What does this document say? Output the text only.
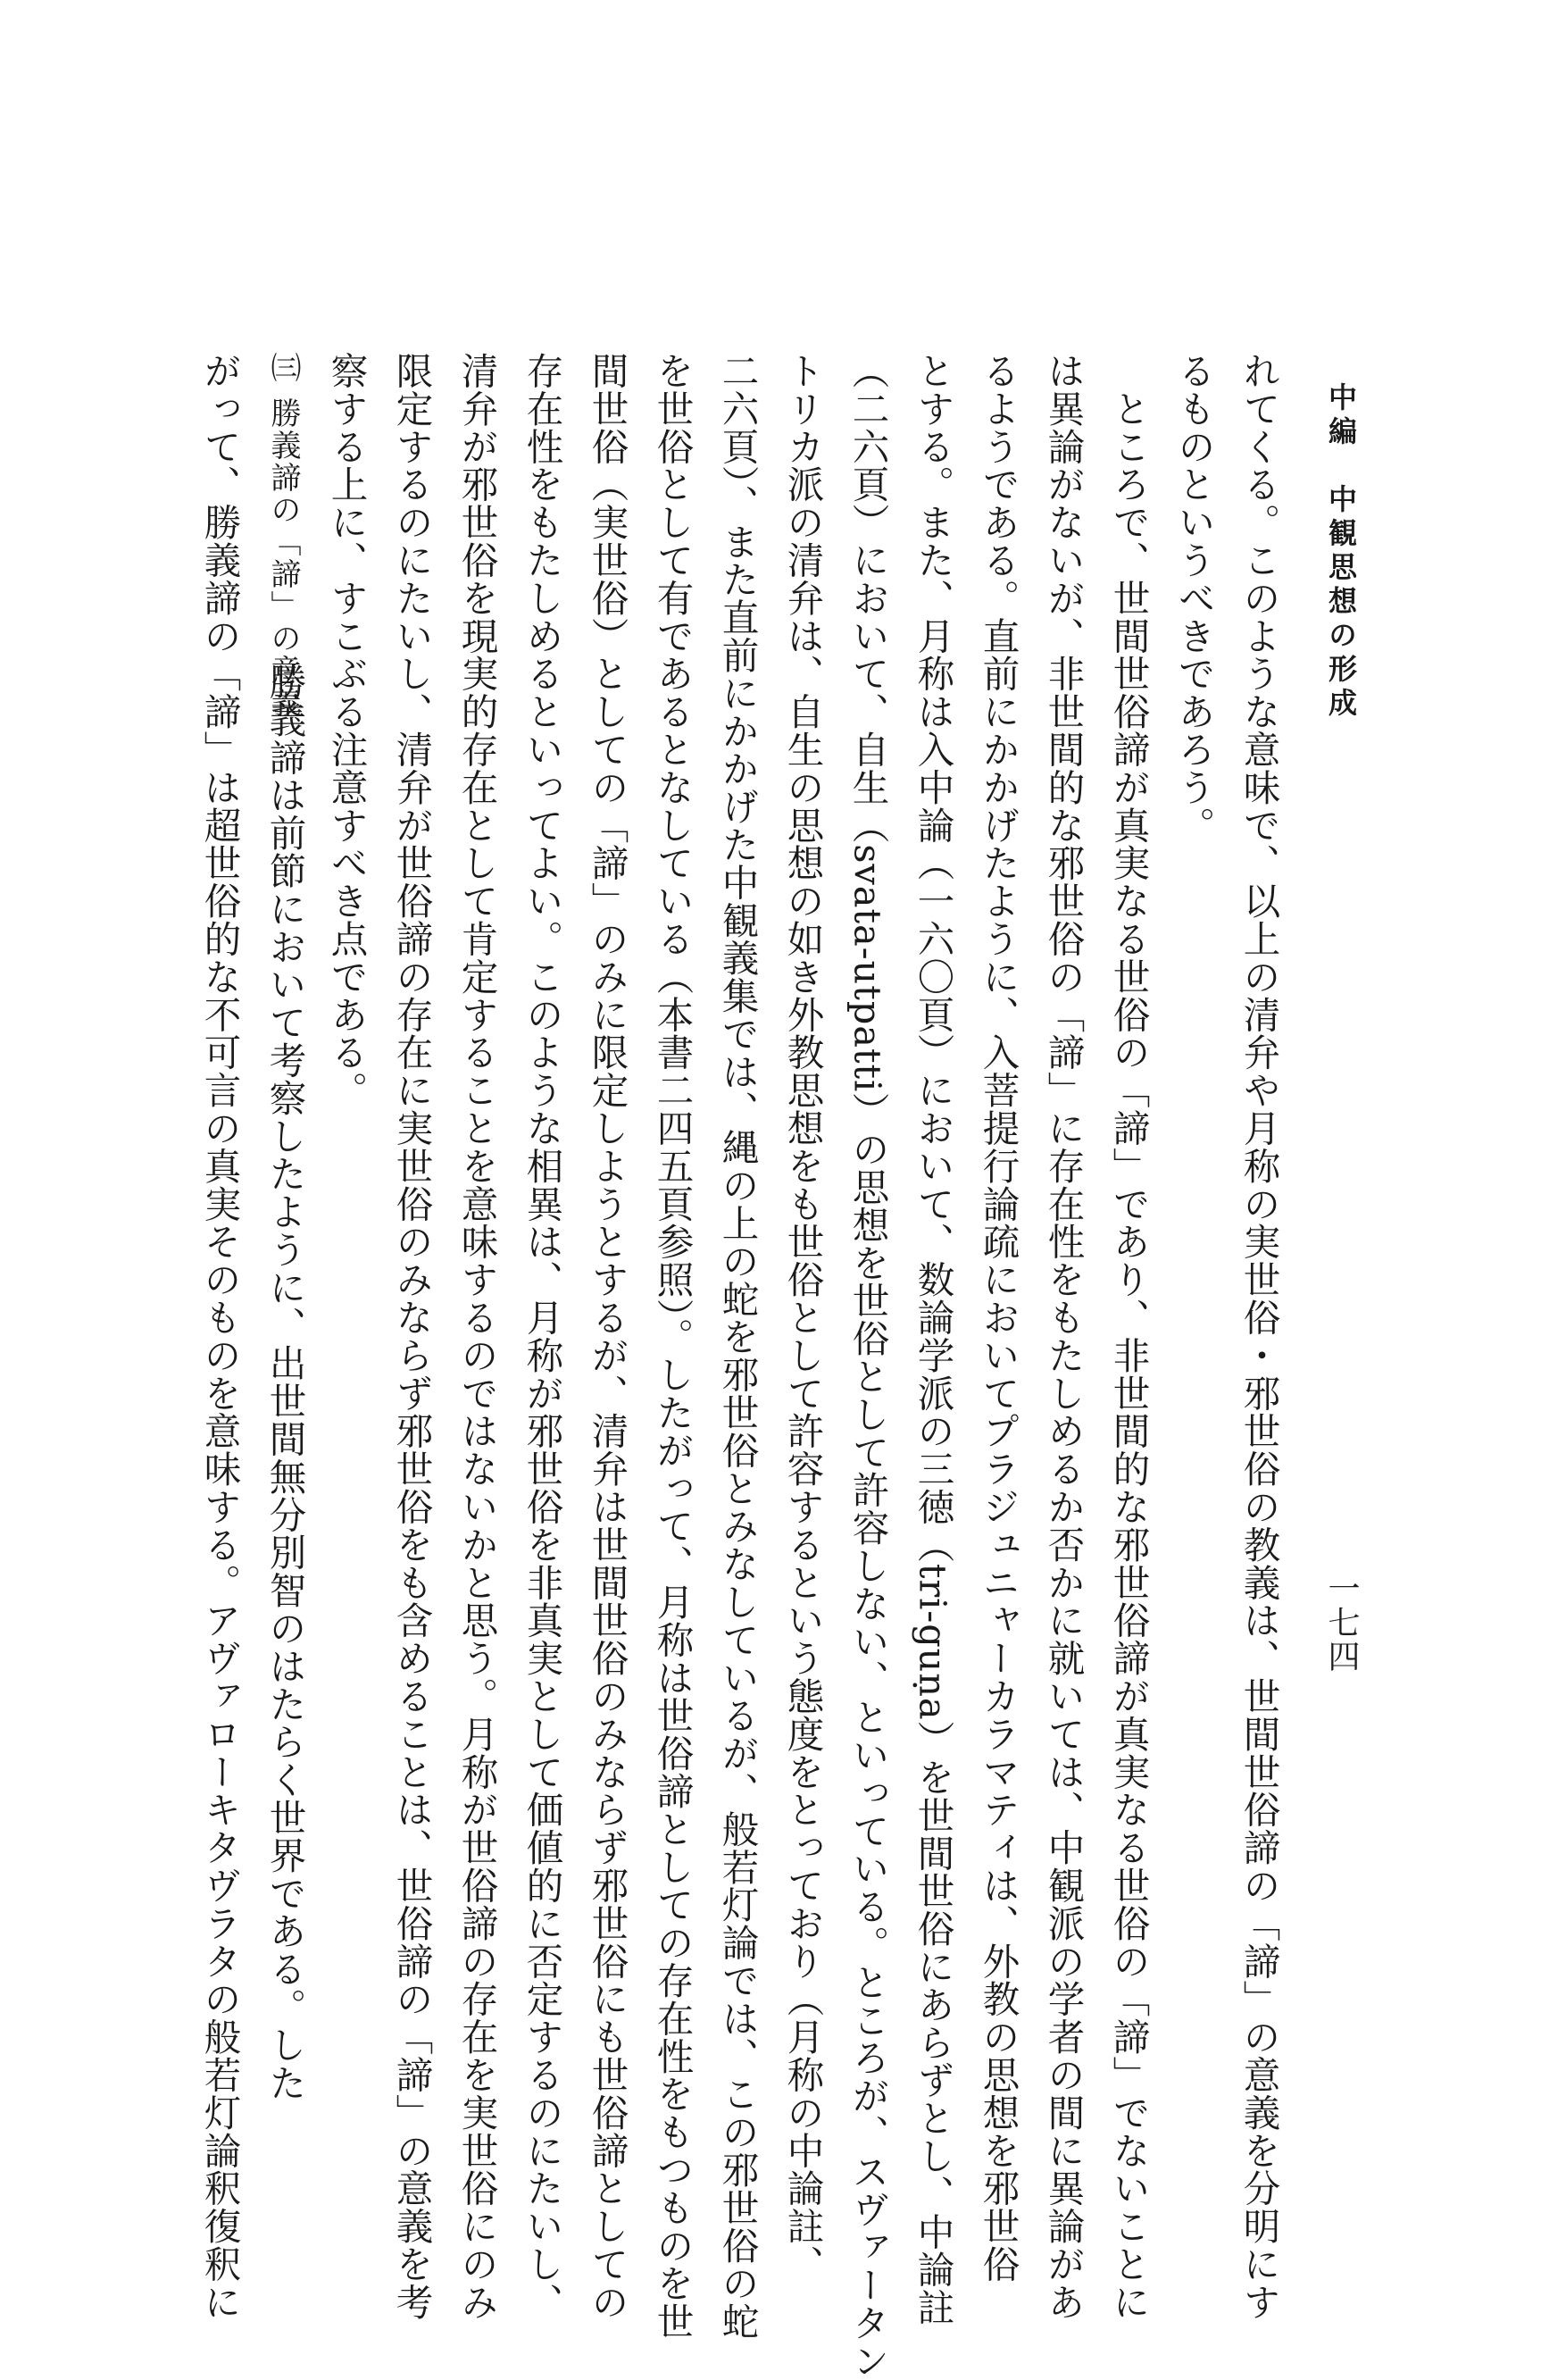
中編　中観思想の形成
一七四
れてくる。このような意味で、以上の清弁や月称の実世俗・邪世俗の教義は、世間世俗諦の「諦」の意義を分明にす
るものというべきであろう。
　ところで、世間世俗諦が真実なる世俗の「諦」であり、非世間的な邪世俗諦が真実なる世俗の「諦」でないことに
は異論がないが、非世間的な邪世俗の「諦」に存在性をもたしめるか否かに就いては、中観派の学者の間に異論があ
るようである。直前にかかげたように、入菩提行論疏においてプラジュニャーカラマティは、外教の思想を邪世俗
とする。また、月称は入中論（一六〇頁）において、数論学派の三徳（tri-guṇa）を世間世俗にあらずとし、中論註
（二六頁）において、自生（svata-utpatti）の思想を世俗として許容しない、といっている。ところが、スヴァータン
トリカ派の清弁は、自生の思想の如き外教思想をも世俗として許容するという態度をとっており（月称の中論註、
二六頁）、また直前にかかげた中観義集では、縄の上の蛇を邪世俗とみなしているが、般若灯論では、この邪世俗の蛇
を世俗として有であるとなしている（本書二四五頁参照）。したがって、月称は世俗諦としての存在性をもつものを世
間世俗（実世俗）としての「諦」のみに限定しようとするが、清弁は世間世俗のみならず邪世俗にも世俗諦としての
存在性をもたしめるといってよい。このような相異は、月称が邪世俗を非真実として価値的に否定するのにたいし、
清弁が邪世俗を現実的存在として肯定することを意味するのではないかと思う。月称が世俗諦の存在を実世俗にのみ
限定するのにたいし、清弁が世俗諦の存在に実世俗のみならず邪世俗をも含めることは、世俗諦の「諦」の意義を考
察する上に、すこぶる注意すべき点である。
㈢
勝義諦の「諦」の意義
勝義諦は前節において考察したように、出世間無分別智のはたらく世界である。した
がって、勝義諦の「諦」は超世俗的な不可言の真実そのものを意味する。アヴァローキタヴラタの般若灯論釈復釈に
